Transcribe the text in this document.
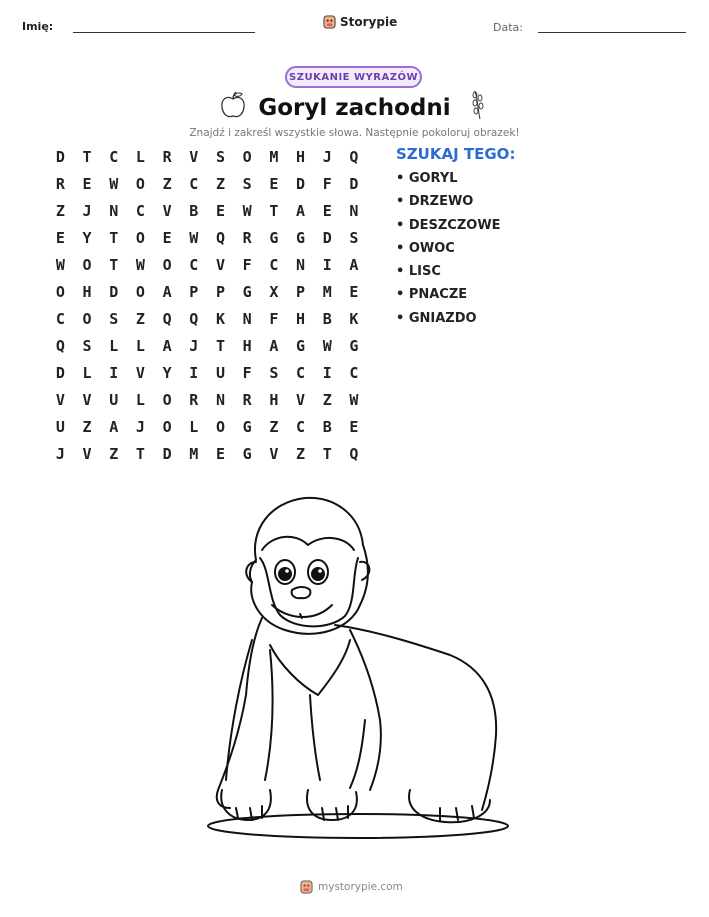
Imię:	Storypie	Data:
SZUKANIE WYRAZÓW
Goryl zachodni
Znajdź i zakreśl wszystkie słowa. Następnie pokoloruj obrazek!
D	T	C	L	R	V	S	O	M	H	J	Q
R	E	W	O	Z	C	Z	S	E	D	F	D
Z	J	N	C	V	B	E	W	T	A	E	N
E	Y	T	O	E	W	Q	R	G	G	D	S
W	O	T	W	O	C	V	F	C	N	I	A
O	H	D	O	A	P	P	G	X	P	M	E
C	O	S	Z	Q	Q	K	N	F	H	B	K
Q	S	L	L	A	J	T	H	A	G	W	G
D	L	I	V	Y	I	U	F	S	C	I	C
V	V	U	L	O	R	N	R	H	V	Z	W
U	Z	A	J	O	L	O	G	Z	C	B	E
J	V	Z	T	D	M	E	G	V	Z	T	Q
SZUKAJ TEGO:
• GORYL
• DRZEWO
• DESZCZOWE
• OWOC
• LISC
• PNACZE
• GNIAZDO
mystorypie.com
